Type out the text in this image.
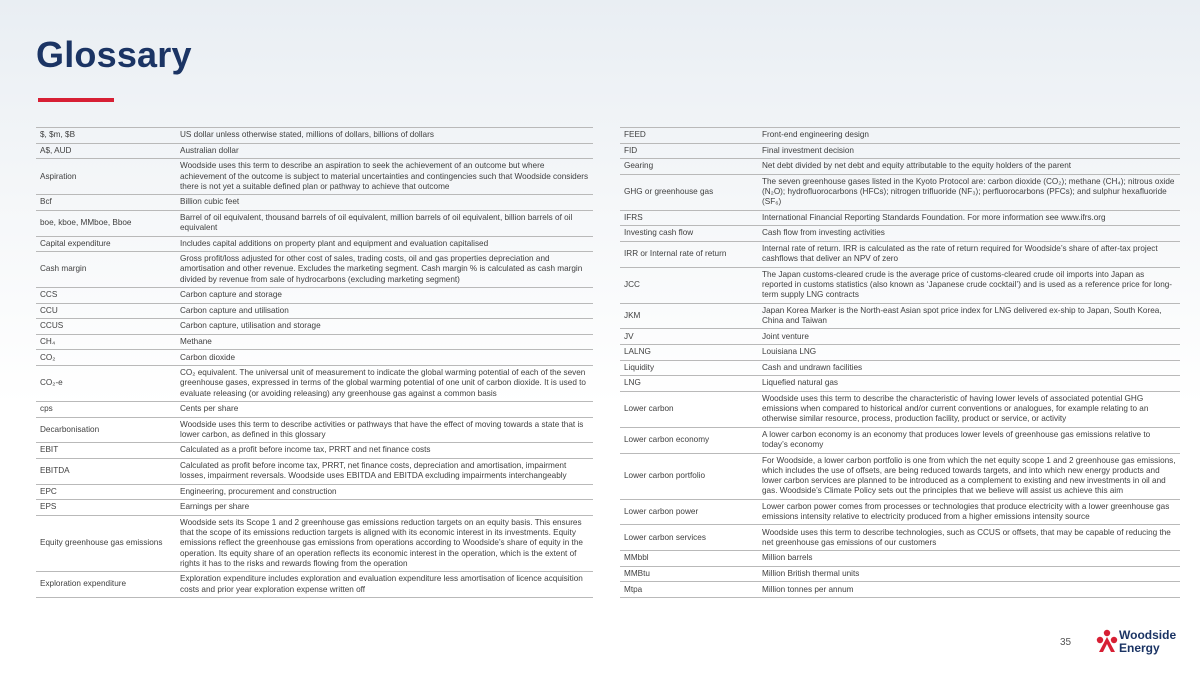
Glossary
$, $m, $B	US dollar unless otherwise stated, millions of dollars, billions of dollars
A$, AUD	Australian dollar
Aspiration	Woodside uses this term to describe an aspiration to seek the achievement of an outcome but where achievement of the outcome is subject to material uncertainties and contingencies such that Woodside considers there is not yet a suitable defined plan or pathway to achieve that outcome
Bcf	Billion cubic feet
boe, kboe, MMboe, Bboe	Barrel of oil equivalent, thousand barrels of oil equivalent, million barrels of oil equivalent, billion barrels of oil equivalent
Capital expenditure	Includes capital additions on property plant and equipment and evaluation capitalised
Cash margin	Gross profit/loss adjusted for other cost of sales, trading costs, oil and gas properties depreciation and amortisation and other revenue. Excludes the marketing segment. Cash margin % is calculated as cash margin divided by revenue from sale of hydrocarbons (excluding marketing segment)
CCS	Carbon capture and storage
CCU	Carbon capture and utilisation
CCUS	Carbon capture, utilisation and storage
CH₄	Methane
CO₂	Carbon dioxide
CO₂-e	CO₂ equivalent. The universal unit of measurement to indicate the global warming potential of each of the seven greenhouse gases, expressed in terms of the global warming potential of one unit of carbon dioxide. It is used to evaluate releasing (or avoiding releasing) any greenhouse gas against a common basis
cps	Cents per share
Decarbonisation	Woodside uses this term to describe activities or pathways that have the effect of moving towards a state that is lower carbon, as defined in this glossary
EBIT	Calculated as a profit before income tax, PRRT and net finance costs
EBITDA	Calculated as profit before income tax, PRRT, net finance costs, depreciation and amortisation, impairment losses, impairment reversals. Woodside uses EBITDA and EBITDA excluding impairments interchangeably
EPC	Engineering, procurement and construction
EPS	Earnings per share
Equity greenhouse gas emissions	Woodside sets its Scope 1 and 2 greenhouse gas emissions reduction targets on an equity basis. This ensures that the scope of its emissions reduction targets is aligned with its economic interest in its investments. Equity emissions reflect the greenhouse gas emissions from operations according to Woodside’s share of equity in the operation. Its equity share of an operation reflects its economic interest in the operation, which is the extent of rights it has to the risks and rewards flowing from the operation
Exploration expenditure	Exploration expenditure includes exploration and evaluation expenditure less amortisation of licence acquisition costs and prior year exploration expense written off
FEED	Front-end engineering design
FID	Final investment decision
Gearing	Net debt divided by net debt and equity attributable to the equity holders of the parent
GHG or greenhouse gas	The seven greenhouse gases listed in the Kyoto Protocol are: carbon dioxide (CO₂); methane (CH₄); nitrous oxide (N₂O); hydrofluorocarbons (HFCs); nitrogen trifluoride (NF₃); perfluorocarbons (PFCs); and sulphur hexafluoride (SF₆)
IFRS	International Financial Reporting Standards Foundation. For more information see www.ifrs.org
Investing cash flow	Cash flow from investing activities
IRR or Internal rate of return	Internal rate of return. IRR is calculated as the rate of return required for Woodside’s share of after-tax project cashflows that deliver an NPV of zero
JCC	The Japan customs-cleared crude is the average price of customs-cleared crude oil imports into Japan as reported in customs statistics (also known as ‘Japanese crude cocktail’) and is used as a reference price for long-term supply LNG contracts
JKM	Japan Korea Marker is the North-east Asian spot price index for LNG delivered ex-ship to Japan, South Korea, China and Taiwan
JV	Joint venture
LALNG	Louisiana LNG
Liquidity	Cash and undrawn facilities
LNG	Liquefied natural gas
Lower carbon	Woodside uses this term to describe the characteristic of having lower levels of associated potential GHG emissions when compared to historical and/or current conventions or analogues, for example relating to an otherwise similar resource, process, production facility, product or service, or activity
Lower carbon economy	A lower carbon economy is an economy that produces lower levels of greenhouse gas emissions relative to today’s economy
Lower carbon portfolio	For Woodside, a lower carbon portfolio is one from which the net equity scope 1 and 2 greenhouse gas emissions, which includes the use of offsets, are being reduced towards targets, and into which new energy products and lower carbon services are planned to be introduced as a complement to existing and new investments in oil and gas. Woodside’s Climate Policy sets out the principles that we believe will assist us achieve this aim
Lower carbon power	Lower carbon power comes from processes or technologies that produce electricity with a lower greenhouse gas emissions intensity relative to electricity produced from a higher emissions intensity source
Lower carbon services	Woodside uses this term to describe technologies, such as CCUS or offsets, that may be capable of reducing the net greenhouse gas emissions of our customers
MMbbl	Million barrels
MMBtu	Million British thermal units
Mtpa	Million tonnes per annum
35
Woodside
Energy
